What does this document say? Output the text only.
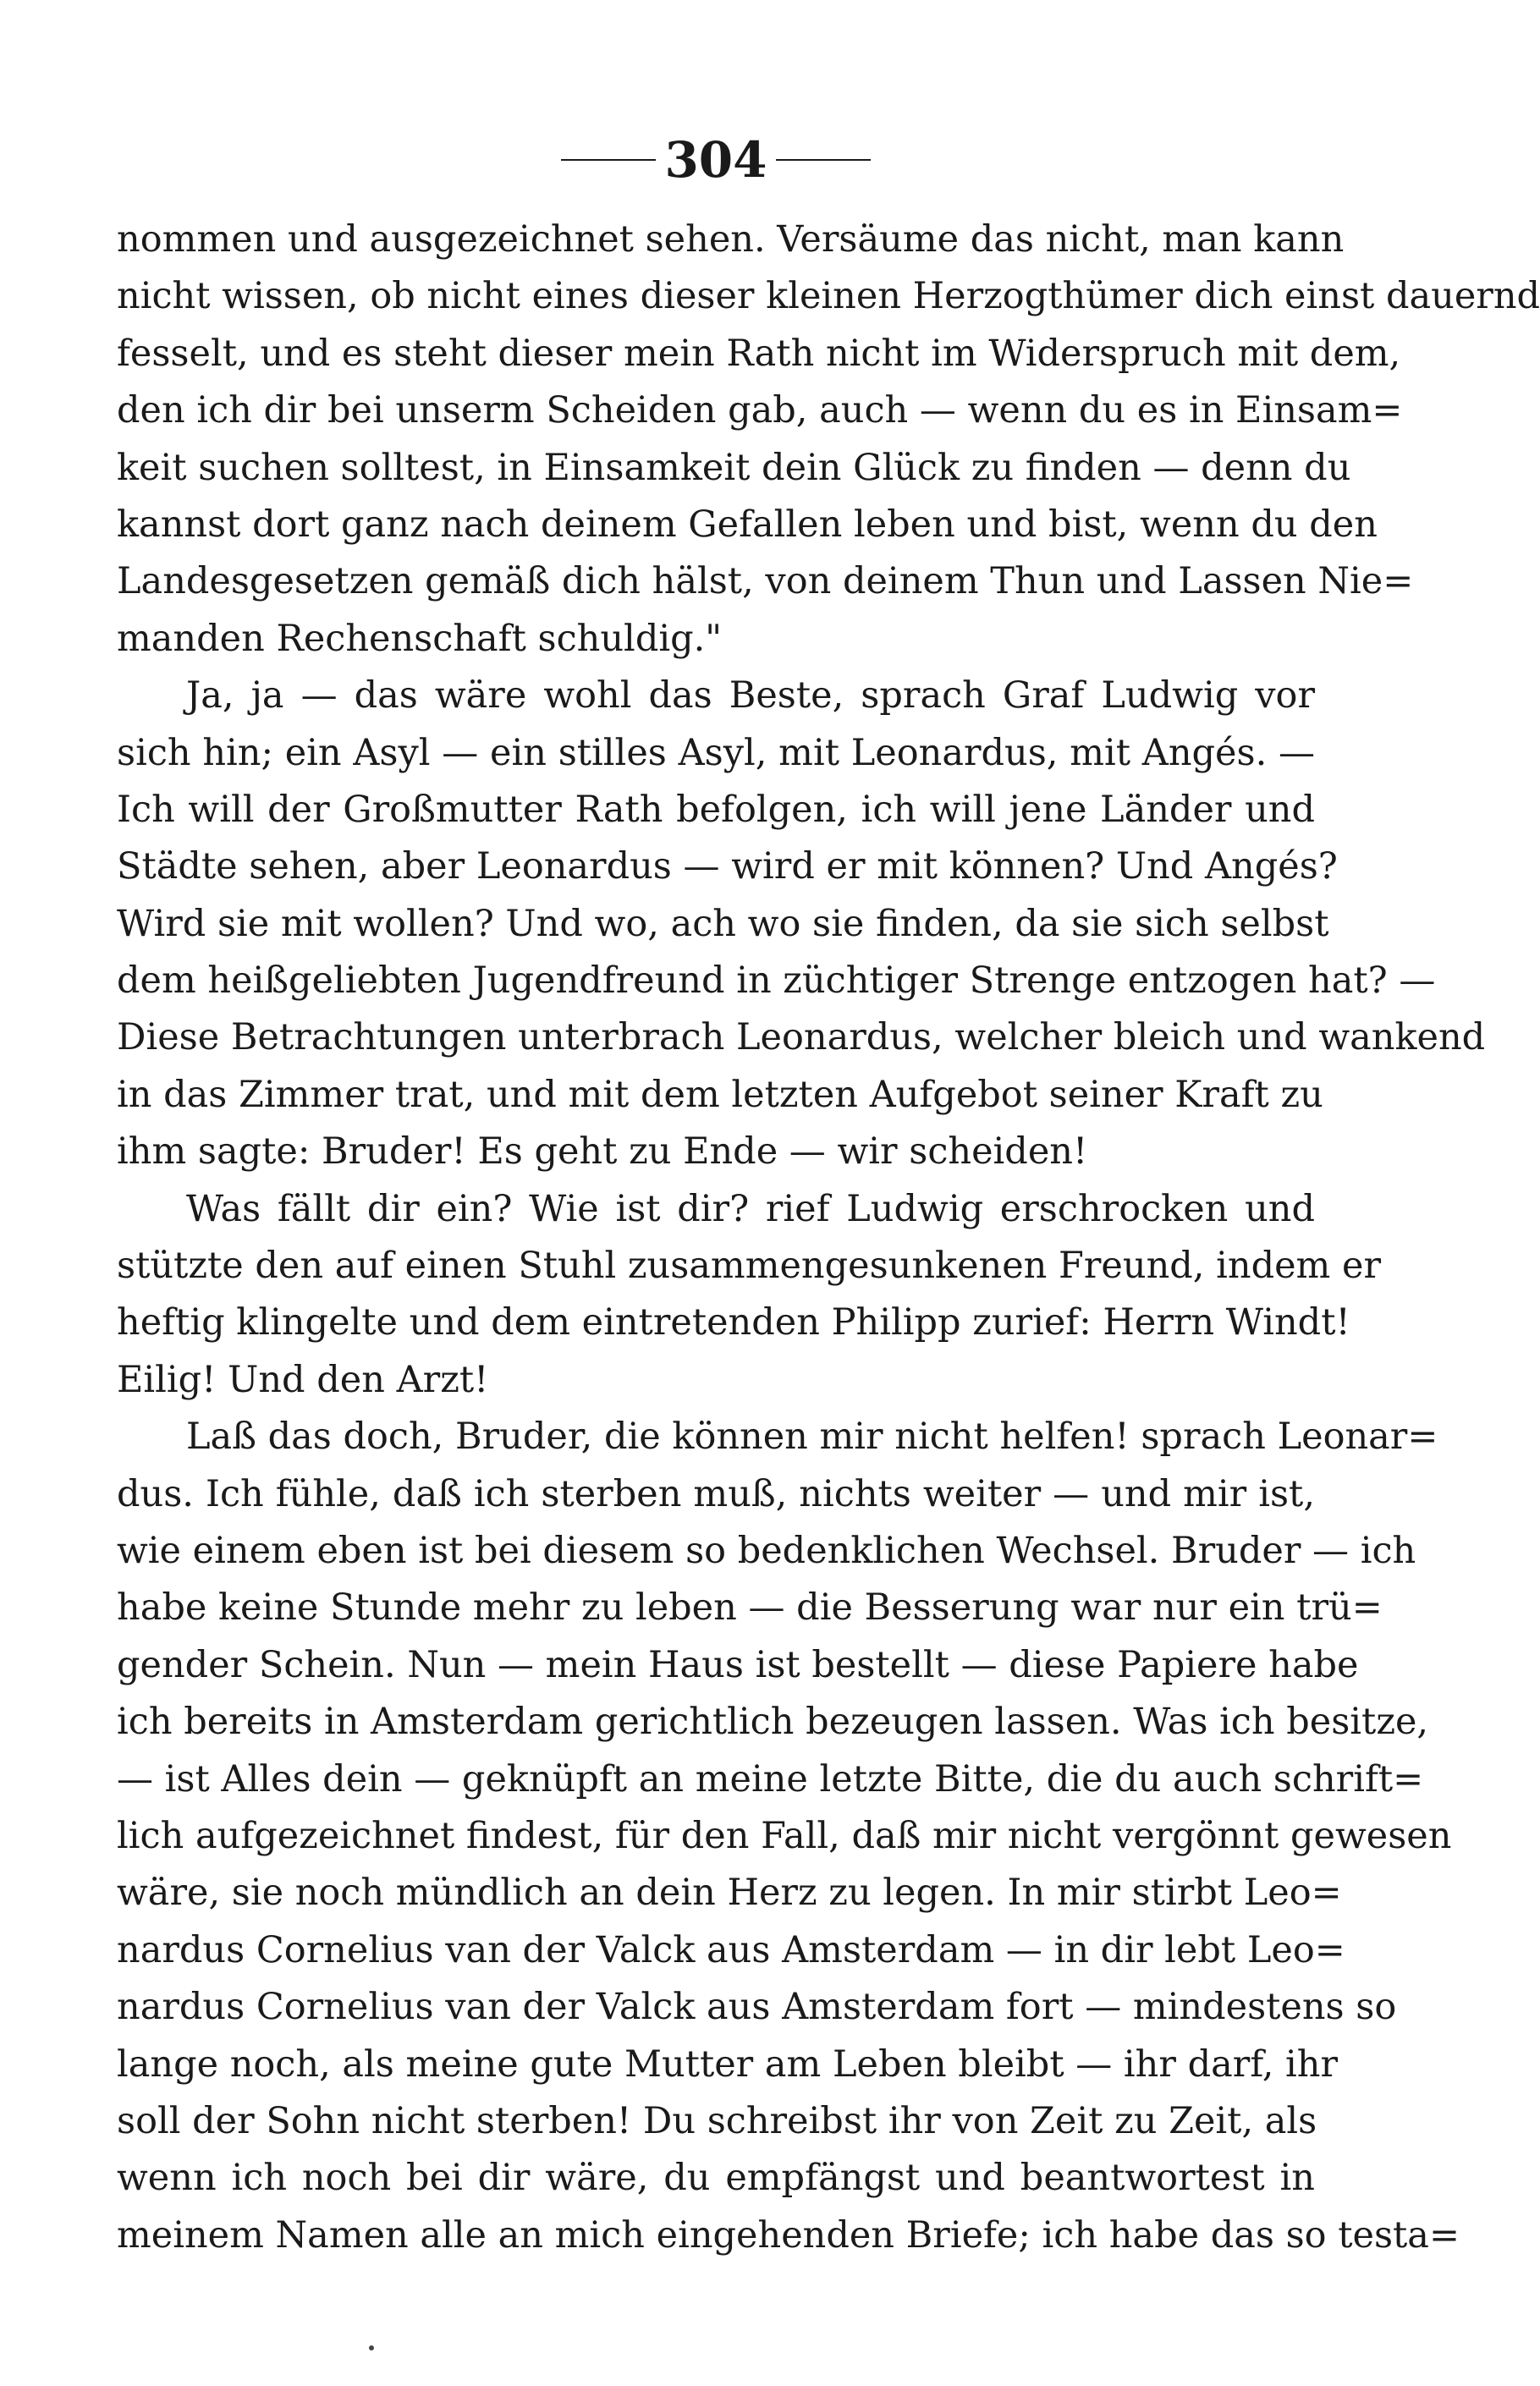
304
nommen und ausgezeichnet sehen. Versäume das nicht, man kann
nicht wissen, ob nicht eines dieser kleinen Herzogthümer dich einst dauernd
fesselt, und es steht dieser mein Rath nicht im Widerspruch mit dem,
den ich dir bei unserm Scheiden gab, auch — wenn du es in Einsam=
keit suchen solltest, in Einsamkeit dein Glück zu finden — denn du
kannst dort ganz nach deinem Gefallen leben und bist, wenn du den
Landesgesetzen gemäß dich hälst, von deinem Thun und Lassen Nie=
manden Rechenschaft schuldig."
Ja, ja — das wäre wohl das Beste, sprach Graf Ludwig vor
sich hin; ein Asyl — ein stilles Asyl, mit Leonardus, mit Angés. —
Ich will der Großmutter Rath befolgen, ich will jene Länder und
Städte sehen, aber Leonardus — wird er mit können? Und Angés?
Wird sie mit wollen? Und wo, ach wo sie finden, da sie sich selbst
dem heißgeliebten Jugendfreund in züchtiger Strenge entzogen hat? —
Diese Betrachtungen unterbrach Leonardus, welcher bleich und wankend
in das Zimmer trat, und mit dem letzten Aufgebot seiner Kraft zu
ihm sagte: Bruder! Es geht zu Ende — wir scheiden!
Was fällt dir ein? Wie ist dir? rief Ludwig erschrocken und
stützte den auf einen Stuhl zusammengesunkenen Freund, indem er
heftig klingelte und dem eintretenden Philipp zurief: Herrn Windt!
Eilig! Und den Arzt!
Laß das doch, Bruder, die können mir nicht helfen! sprach Leonar=
dus. Ich fühle, daß ich sterben muß, nichts weiter — und mir ist,
wie einem eben ist bei diesem so bedenklichen Wechsel. Bruder — ich
habe keine Stunde mehr zu leben — die Besserung war nur ein trü=
gender Schein. Nun — mein Haus ist bestellt — diese Papiere habe
ich bereits in Amsterdam gerichtlich bezeugen lassen. Was ich besitze,
— ist Alles dein — geknüpft an meine letzte Bitte, die du auch schrift=
lich aufgezeichnet findest, für den Fall, daß mir nicht vergönnt gewesen
wäre, sie noch mündlich an dein Herz zu legen. In mir stirbt Leo=
nardus Cornelius van der Valck aus Amsterdam — in dir lebt Leo=
nardus Cornelius van der Valck aus Amsterdam fort — mindestens so
lange noch, als meine gute Mutter am Leben bleibt — ihr darf, ihr
soll der Sohn nicht sterben! Du schreibst ihr von Zeit zu Zeit, als
wenn ich noch bei dir wäre, du empfängst und beantwortest in
meinem Namen alle an mich eingehenden Briefe; ich habe das so testa=
